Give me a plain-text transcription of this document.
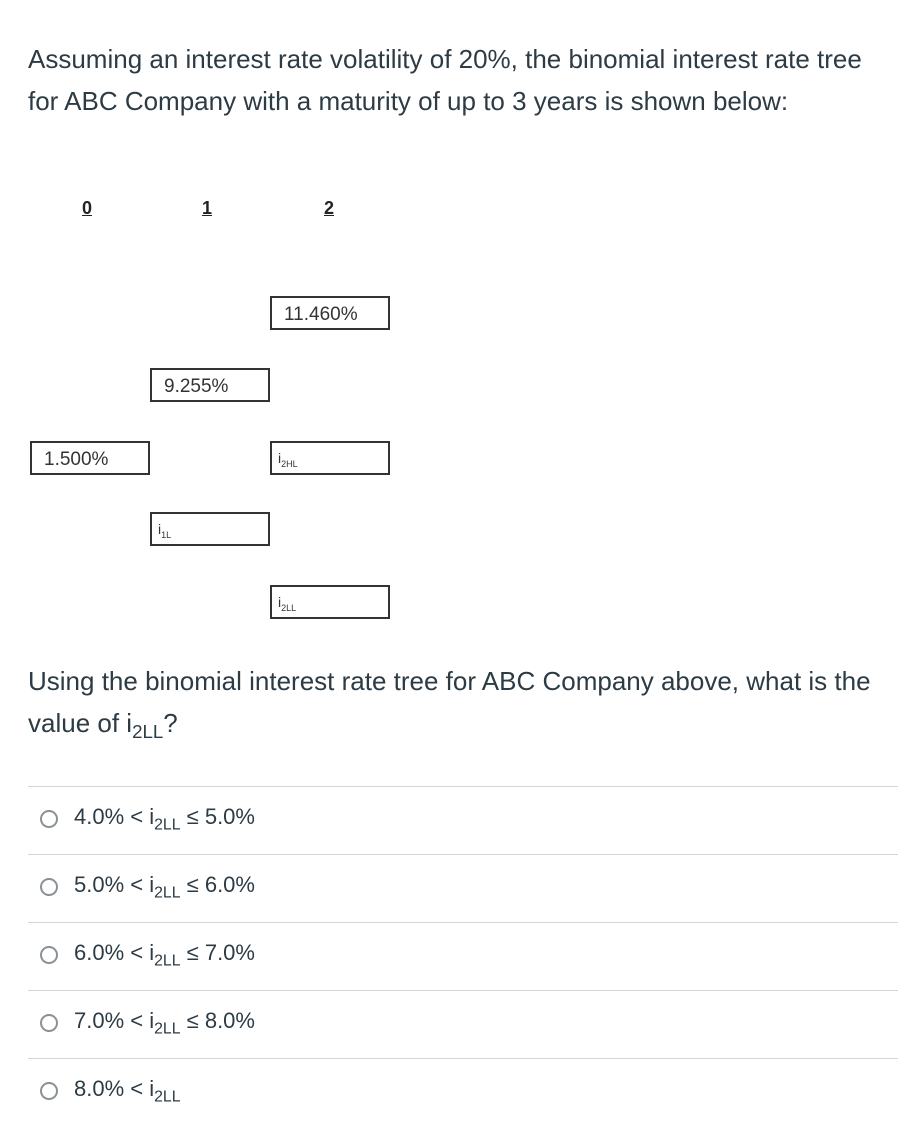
Assuming an interest rate volatility of 20%, the binomial interest rate tree for ABC Company with a maturity of up to 3 years is shown below:
0	1	2
11.460%
9.255%
1.500%	$i_{2HL}$
$i_{1L}$
$i_{2LL}$
Using the binomial interest rate tree for ABC Company above, what is the value of $i_{2LL}$?
$4.0\% < i_{2LL} \le 5.0\%$
$5.0\% < i_{2LL} \le 6.0\%$
$6.0\% < i_{2LL} \le 7.0\%$
$7.0\% < i_{2LL} \le 8.0\%$
$8.0\% < i_{2LL}$
